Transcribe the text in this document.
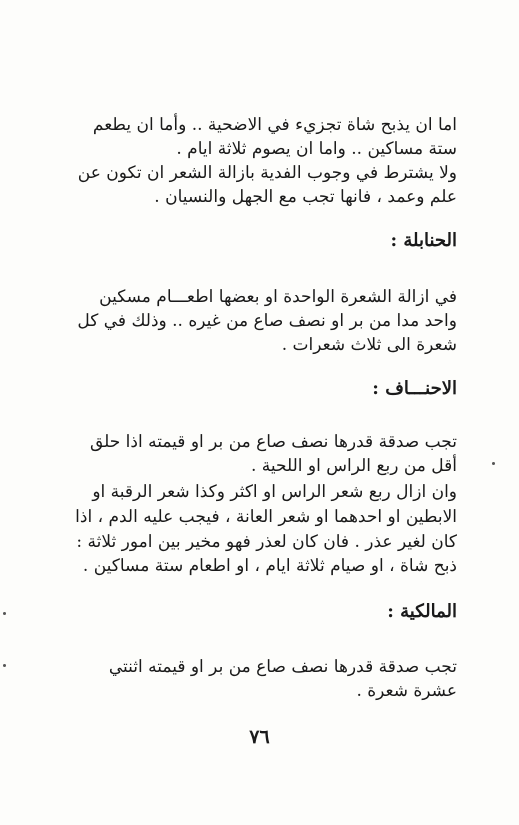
اما ان يذبح شاة تجزيء في الاضحية .. وأما ان يطعم
ستة مساكين .. واما ان يصوم ثلاثة ايام .
ولا يشترط في وجوب الفدية بازالة الشعر ان تكون عن
علم وعمد ، فانها تجب مع الجهل والنسيان .
الحنابلة :
في ازالة الشعرة الواحدة او بعضها اطعـــام مسكين
واحد مدا من بر او نصف صاع من غيره .. وذلك في كل
شعرة الى ثلاث شعرات .
الاحنـــاف :
تجب صدقة قدرها نصف صاع من بر او قيمته اذا حلق
أقل من ربع الراس او اللحية .
وان ازال ربع شعر الراس او اكثر وكذا شعر الرقبة او
الابطين او احدهما او شعر العانة ، فيجب عليه الدم ، اذا
كان لغير عذر . فان كان لعذر فهو مخير بين امور ثلاثة :
ذبح شاة ، او صيام ثلاثة ايام ، او اطعام ستة مساكين .
المالكية :
تجب صدقة قدرها نصف صاع من بر او قيمته اثنتي
عشرة شعرة .
٧٦
